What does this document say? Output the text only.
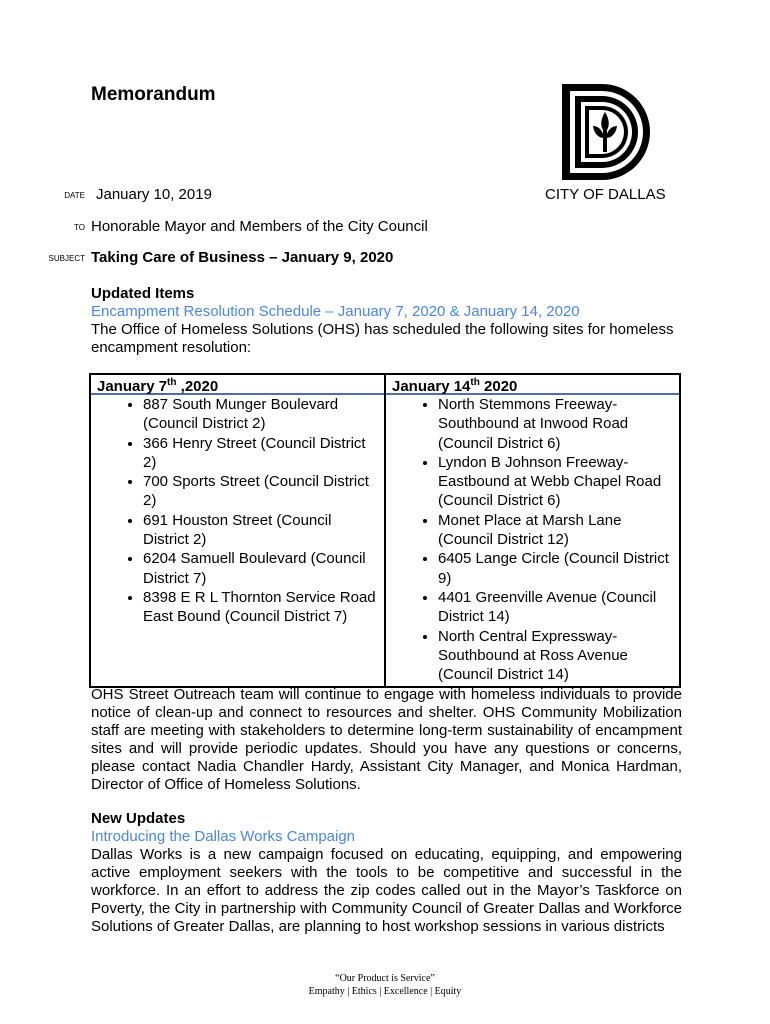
Memorandum
CITY OF DALLAS
DATE January 10, 2019
TO Honorable Mayor and Members of the City Council
SUBJECT Taking Care of Business – January 9, 2020
Updated Items
Encampment Resolution Schedule – January 7, 2020 & January 14, 2020
The Office of Homeless Solutions (OHS) has scheduled the following sites for homeless encampment resolution:
January 7th ,2020
• 887 South Munger Boulevard (Council District 2)
• 366 Henry Street (Council District 2)
• 700 Sports Street (Council District 2)
• 691 Houston Street (Council District 2)
• 6204 Samuell Boulevard (Council District 7)
• 8398 E R L Thornton Service Road East Bound (Council District 7)

January 14th 2020
• North Stemmons Freeway-Southbound at Inwood Road (Council District 6)
• Lyndon B Johnson Freeway-Eastbound at Webb Chapel Road (Council District 6)
• Monet Place at Marsh Lane (Council District 12)
• 6405 Lange Circle (Council District 9)
• 4401 Greenville Avenue (Council District 14)
• North Central Expressway-Southbound at Ross Avenue (Council District 14)
OHS Street Outreach team will continue to engage with homeless individuals to provide notice of clean-up and connect to resources and shelter. OHS Community Mobilization staff are meeting with stakeholders to determine long-term sustainability of encampment sites and will provide periodic updates. Should you have any questions or concerns, please contact Nadia Chandler Hardy, Assistant City Manager, and Monica Hardman, Director of Office of Homeless Solutions.
New Updates
Introducing the Dallas Works Campaign
Dallas Works is a new campaign focused on educating, equipping, and empowering active employment seekers with the tools to be competitive and successful in the workforce. In an effort to address the zip codes called out in the Mayor’s Taskforce on Poverty, the City in partnership with Community Council of Greater Dallas and Workforce Solutions of Greater Dallas, are planning to host workshop sessions in various districts
“Our Product is Service”
Empathy | Ethics | Excellence | Equity
